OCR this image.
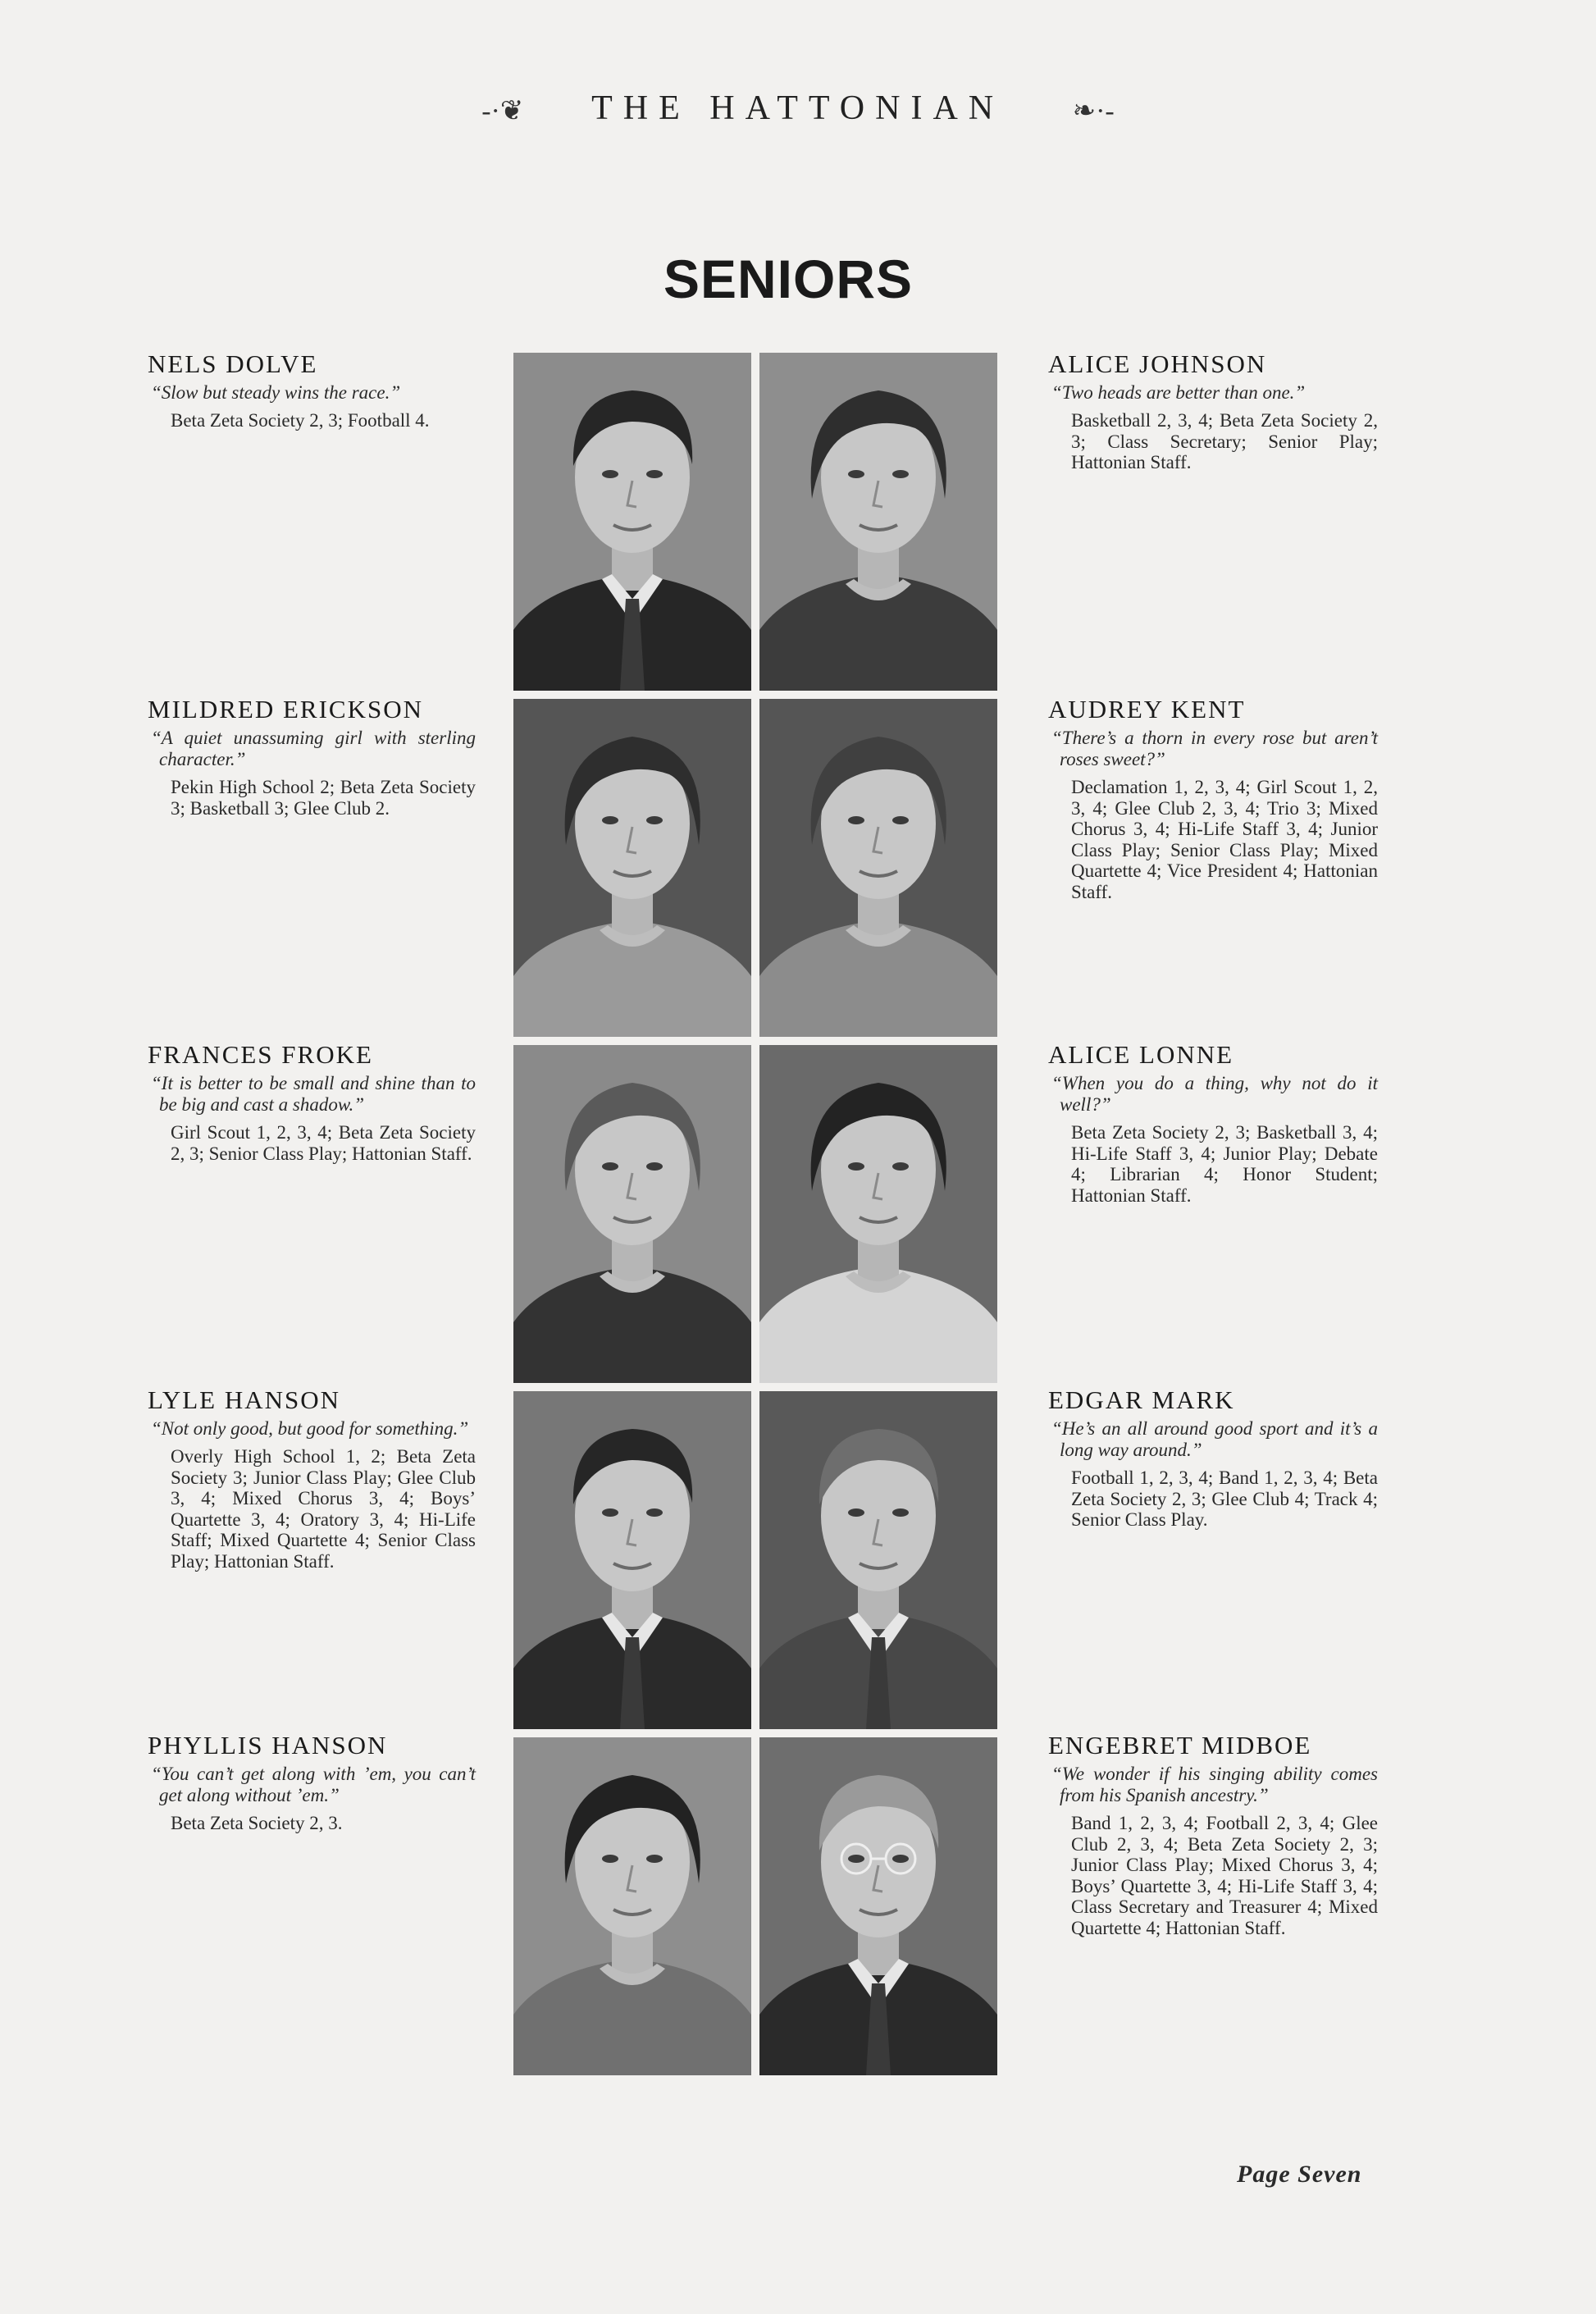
-·❦ THE HATTONIAN ❧·-
SENIORS
NELS DOLVE
“Slow but steady wins the race.”
Beta Zeta Society 2, 3; Football 4.
MILDRED ERICKSON
“A quiet unassuming girl with sterling character.”
Pekin High School 2; Beta Zeta Society 3; Basketball 3; Glee Club 2.
FRANCES FROKE
“It is better to be small and shine than to be big and cast a shadow.”
Girl Scout 1, 2, 3, 4; Beta Zeta Society 2, 3; Senior Class Play; Hattonian Staff.
LYLE HANSON
“Not only good, but good for something.”
Overly High School 1, 2; Beta Zeta Society 3; Junior Class Play; Glee Club 3, 4; Mixed Chorus 3, 4; Boys’ Quartette 3, 4; Oratory 3, 4; Hi-Life Staff; Mixed Quartette 4; Senior Class Play; Hattonian Staff.
PHYLLIS HANSON
“You can’t get along with ’em, you can’t get along without ’em.”
Beta Zeta Society 2, 3.
ALICE JOHNSON
“Two heads are better than one.”
Basketball 2, 3, 4; Beta Zeta Society 2, 3; Class Secretary; Senior Play; Hattonian Staff.
AUDREY KENT
“There’s a thorn in every rose but aren’t roses sweet?”
Declamation 1, 2, 3, 4; Girl Scout 1, 2, 3, 4; Glee Club 2, 3, 4; Trio 3; Mixed Chorus 3, 4; Hi-Life Staff 3, 4; Junior Class Play; Senior Class Play; Mixed Quartette 4; Vice President 4; Hattonian Staff.
ALICE LONNE
“When you do a thing, why not do it well?”
Beta Zeta Society 2, 3; Basketball 3, 4; Hi-Life Staff 3, 4; Junior Play; Debate 4; Librarian 4; Honor Student; Hattonian Staff.
EDGAR MARK
“He’s an all around good sport and it’s a long way around.”
Football 1, 2, 3, 4; Band 1, 2, 3, 4; Beta Zeta Society 2, 3; Glee Club 4; Track 4; Senior Class Play.
ENGEBRET MIDBOE
“We wonder if his singing ability comes from his Spanish ancestry.”
Band 1, 2, 3, 4; Football 2, 3, 4; Glee Club 2, 3, 4; Beta Zeta Society 2, 3; Junior Class Play; Mixed Chorus 3, 4; Boys’ Quartette 3, 4; Hi-Life Staff 3, 4; Class Secretary and Treasurer 4; Mixed Quartette 4; Hattonian Staff.
Page Seven
